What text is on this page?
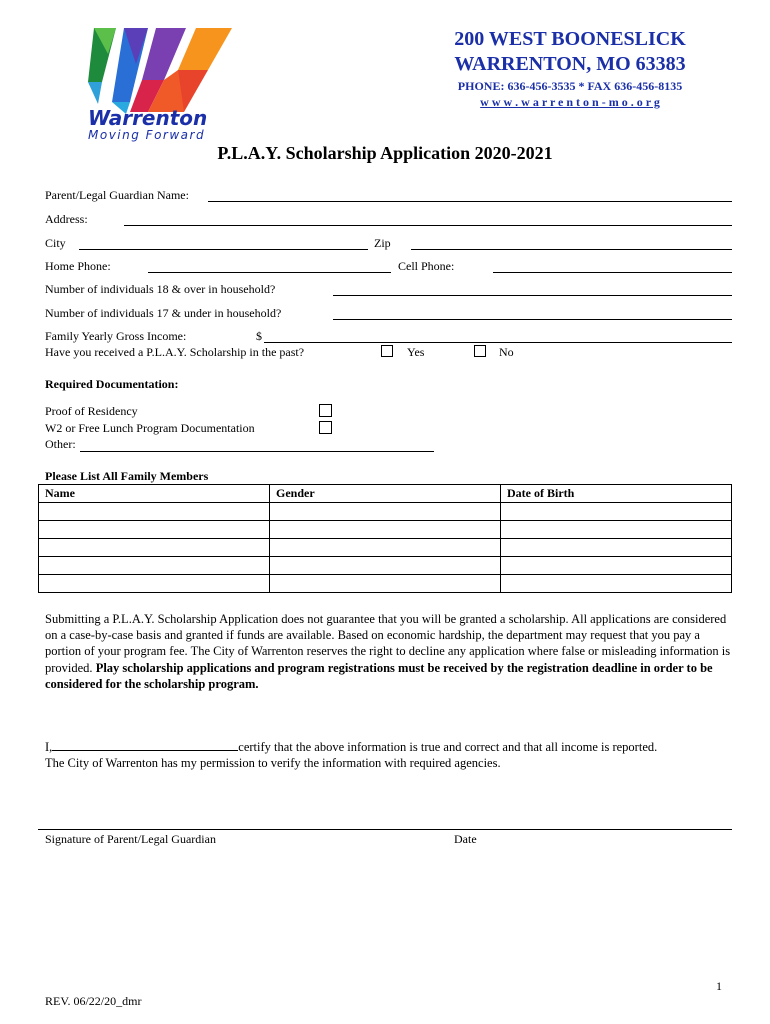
Warrenton
Moving Forward
200 WEST BOONESLICK
WARRENTON, MO 63383
PHONE: 636-456-3535 * FAX 636-456-8135
w w w . w a r r e n t o n - m o . o r g
P.L.A.Y. Scholarship Application 2020-2021
Parent/Legal Guardian Name:
Address:
City	Zip
Home Phone:	Cell Phone:
Number of individuals 18 & over in household?
Number of individuals 17 & under in household?
Family Yearly Gross Income:	$
Have you received a P.L.A.Y. Scholarship in the past?	Yes	No
Required Documentation:
Proof of Residency
W2 or Free Lunch Program Documentation
Other:
Please List All Family Members
Name	Gender	Date of Birth

Submitting a P.L.A.Y. Scholarship Application does not guarantee that you will be granted a scholarship. All applications are considered on a case-by-case basis and granted if funds are available. Based on economic hardship, the department may request that you pay a portion of your program fee. The City of Warrenton reserves the right to decline any application where false or misleading information is provided. Play scholarship applications and program registrations must be received by the registration deadline in order to be considered for the scholarship program.
I,	certify that the above information is true and correct and that all income is reported.
The City of Warrenton has my permission to verify the information with required agencies.
Signature of Parent/Legal Guardian	Date
1
REV. 06/22/20_dmr
